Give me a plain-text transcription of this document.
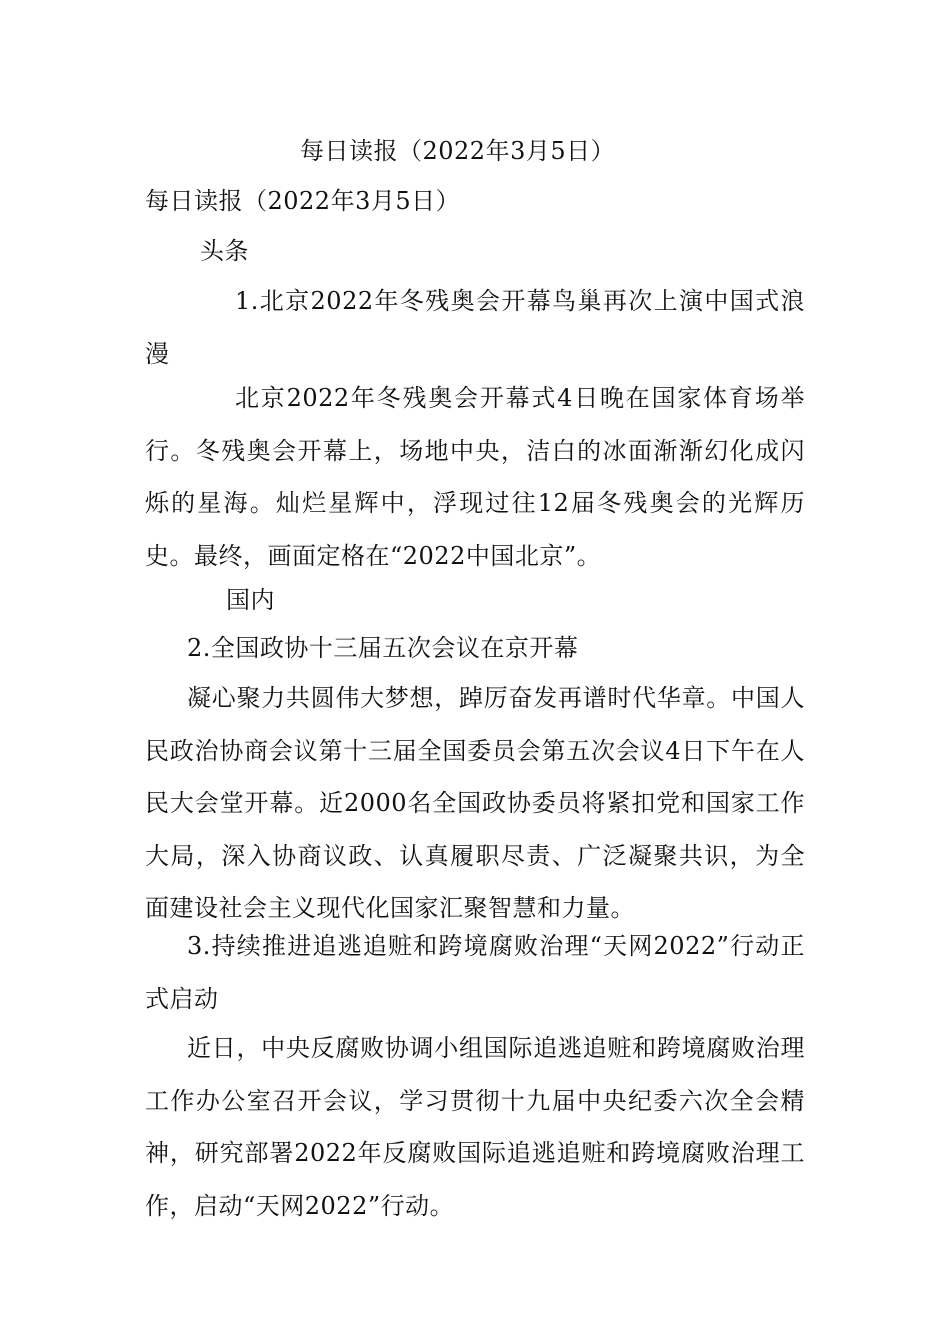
每日读报（2022年3月5日）
每日读报（2022年3月5日）
头条
1.北京2022年冬残奥会开幕鸟巢再次上演中国式浪漫
北京2022年冬残奥会开幕式4日晚在国家体育场举行。冬残奥会开幕上，场地中央，洁白的冰面渐渐幻化成闪烁的星海。灿烂星辉中，浮现过往12届冬残奥会的光辉历史。最终，画面定格在“2022中国北京”。
国内
2.全国政协十三届五次会议在京开幕
凝心聚力共圆伟大梦想，踔厉奋发再谱时代华章。中国人民政治协商会议第十三届全国委员会第五次会议4日下午在人民大会堂开幕。近2000名全国政协委员将紧扣党和国家工作大局，深入协商议政、认真履职尽责、广泛凝聚共识，为全面建设社会主义现代化国家汇聚智慧和力量。
3.持续推进追逃追赃和跨境腐败治理“天网2022”行动正式启动
近日，中央反腐败协调小组国际追逃追赃和跨境腐败治理工作办公室召开会议，学习贯彻十九届中央纪委六次全会精神，研究部署2022年反腐败国际追逃追赃和跨境腐败治理工作，启动“天网2022”行动。
